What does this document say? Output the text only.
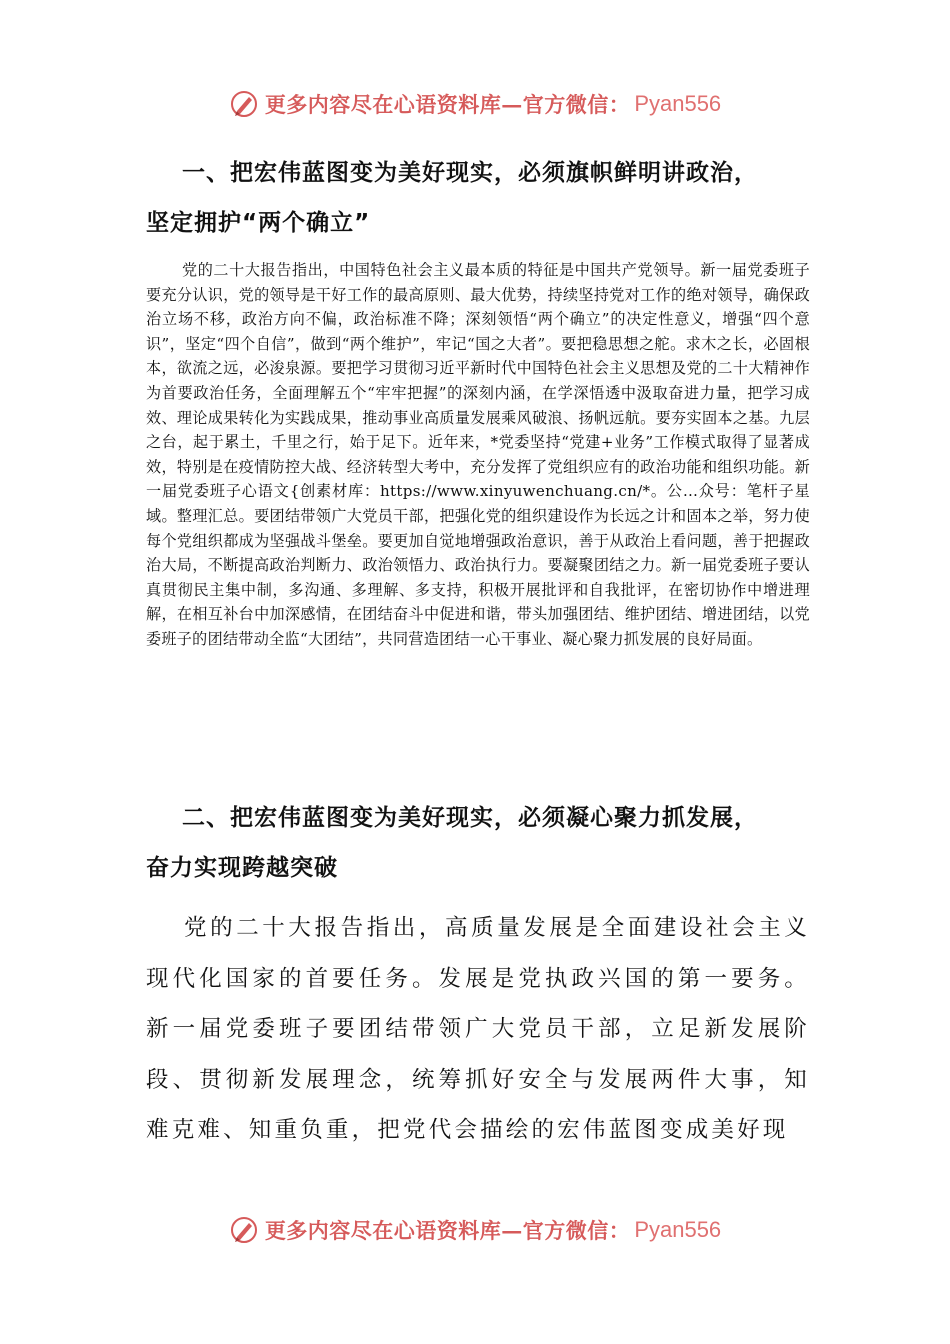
更多内容尽在心语资料库—官方微信： Pyan556
一、把宏伟蓝图变为美好现实，必须旗帜鲜明讲政治，
坚定拥护“两个确立”
党的二十大报告指出，中国特色社会主义最本质的特征是中国共产党领导。新一届党委班子要充分认识，党的领导是干好工作的最高原则、最大优势，持续坚持党对工作的绝对领导，确保政治立场不移，政治方向不偏，政治标准不降；深刻领悟“两个确立”的决定性意义，增强“四个意识”，坚定“四个自信”，做到“两个维护”，牢记“国之大者”。要把稳思想之舵。求木之长，必固根本，欲流之远，必浚泉源。要把学习贯彻习近平新时代中国特色社会主义思想及党的二十大精神作为首要政治任务，全面理解五个“牢牢把握”的深刻内涵，在学深悟透中汲取奋进力量，把学习成效、理论成果转化为实践成果，推动事业高质量发展乘风破浪、扬帆远航。要夯实固本之基。九层之台，起于累土，千里之行，始于足下。近年来，*党委坚持“党建+业务”工作模式取得了显著成效，特别是在疫情防控大战、经济转型大考中，充分发挥了党组织应有的政治功能和组织功能。新一届党委班子心语文{创素材库：https://www.xinyuwenchuang.cn/*。公…众号：笔杆子星域。整理汇总。要团结带领广大党员干部，把强化党的组织建设作为长远之计和固本之举，努力使每个党组织都成为坚强战斗堡垒。要更加自觉地增强政治意识，善于从政治上看问题，善于把握政治大局，不断提高政治判断力、政治领悟力、政治执行力。要凝聚团结之力。新一届党委班子要认真贯彻民主集中制，多沟通、多理解、多支持，积极开展批评和自我批评，在密切协作中增进理解，在相互补台中加深感情，在团结奋斗中促进和谐，带头加强团结、维护团结、增进团结，以党委班子的团结带动全监“大团结”，共同营造团结一心干事业、凝心聚力抓发展的良好局面。
二、把宏伟蓝图变为美好现实，必须凝心聚力抓发展，
奋力实现跨越突破
党的二十大报告指出，高质量发展是全面建设社会主义现代化国家的首要任务。发展是党执政兴国的第一要务。新一届党委班子要团结带领广大党员干部，立足新发展阶段、贯彻新发展理念，统筹抓好安全与发展两件大事，知难克难、知重负重，把党代会描绘的宏伟蓝图变成美好现
更多内容尽在心语资料库—官方微信： Pyan556
